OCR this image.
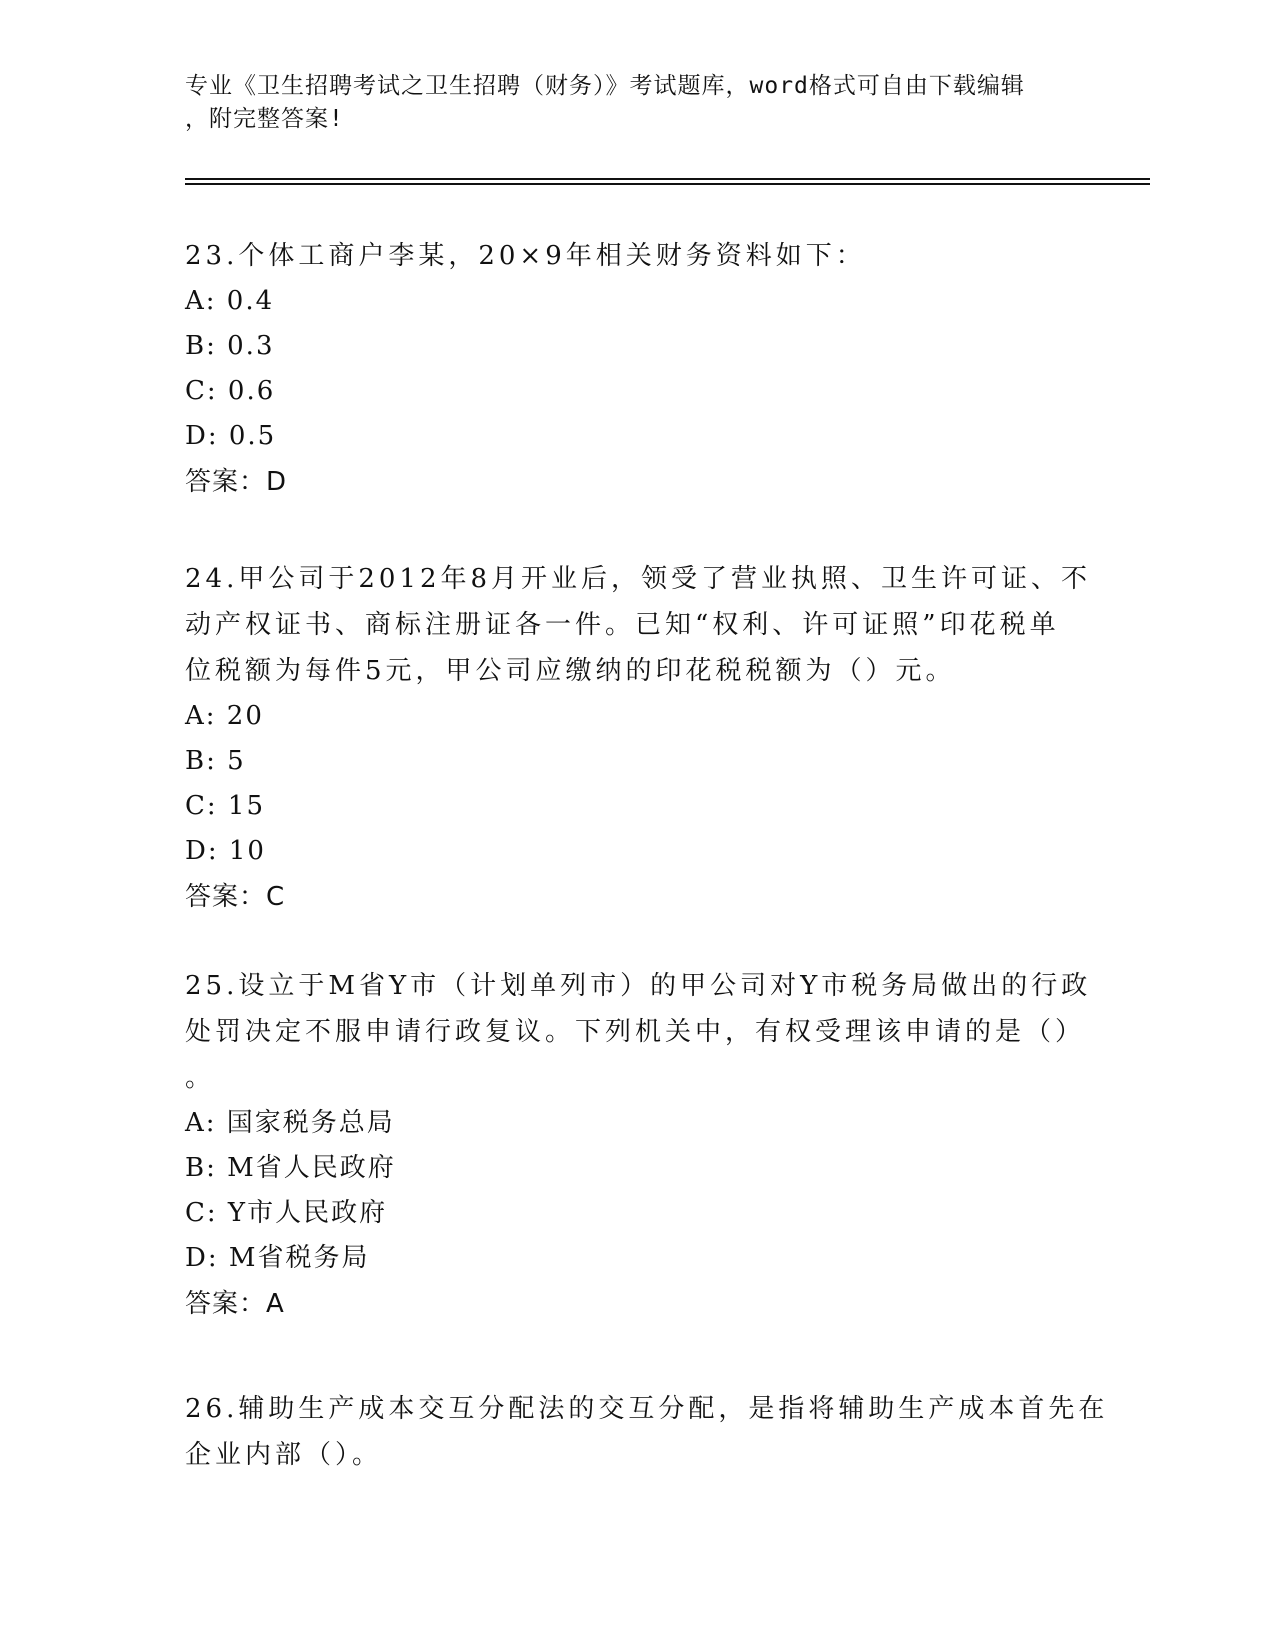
专业《卫生招聘考试之卫生招聘（财务）》考试题库，word格式可自由下载编辑
，附完整答案!
23.个体工商户李某，20×9年相关财务资料如下：
A: 0.4
B: 0.3
C: 0.6
D: 0.5
答案：D
24.甲公司于2012年8月开业后，领受了营业执照、卫生许可证、不
动产权证书、商标注册证各一件。已知“权利、许可证照”印花税单
位税额为每件5元，甲公司应缴纳的印花税税额为（）元。
A: 20
B: 5
C: 15
D: 10
答案：C
25.设立于M省Y市（计划单列市）的甲公司对Y市税务局做出的行政
处罚决定不服申请行政复议。下列机关中，有权受理该申请的是（）
。
A: 国家税务总局
B: M省人民政府
C: Y市人民政府
D: M省税务局
答案：A
26.辅助生产成本交互分配法的交互分配，是指将辅助生产成本首先在
企业内部（）。
